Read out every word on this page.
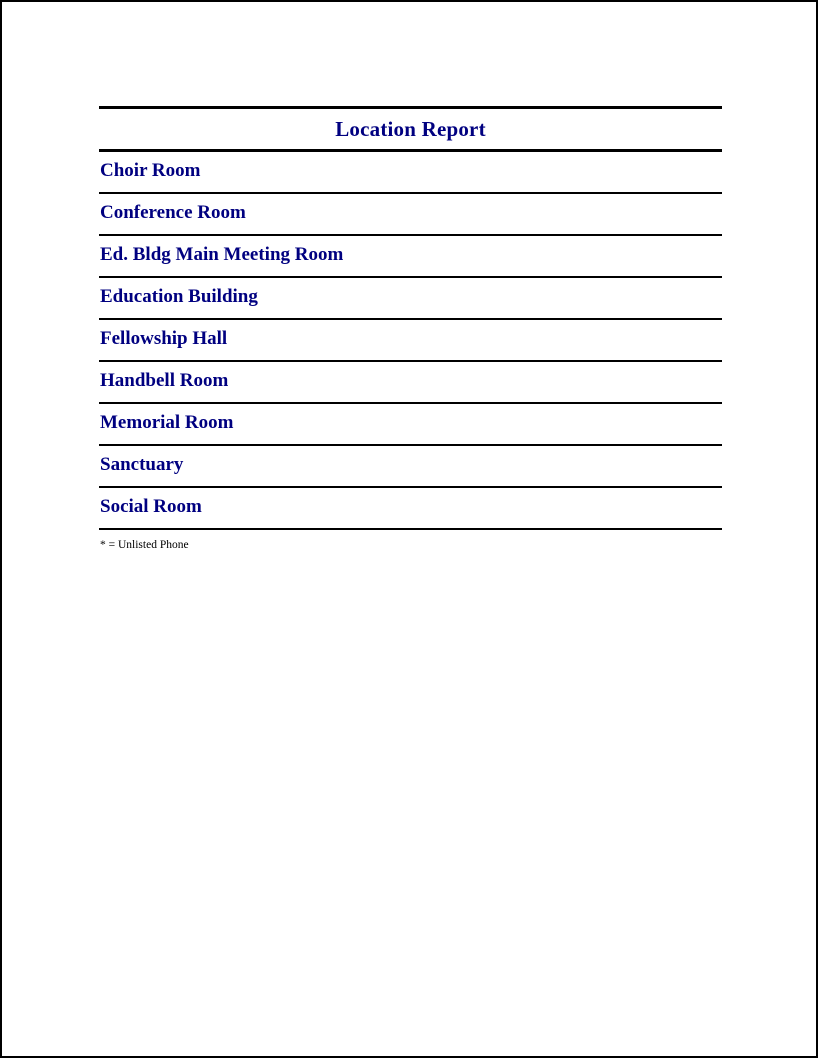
Location Report
Choir Room
Conference Room
Ed. Bldg Main Meeting Room
Education Building
Fellowship Hall
Handbell Room
Memorial Room
Sanctuary
Social Room
* = Unlisted Phone
